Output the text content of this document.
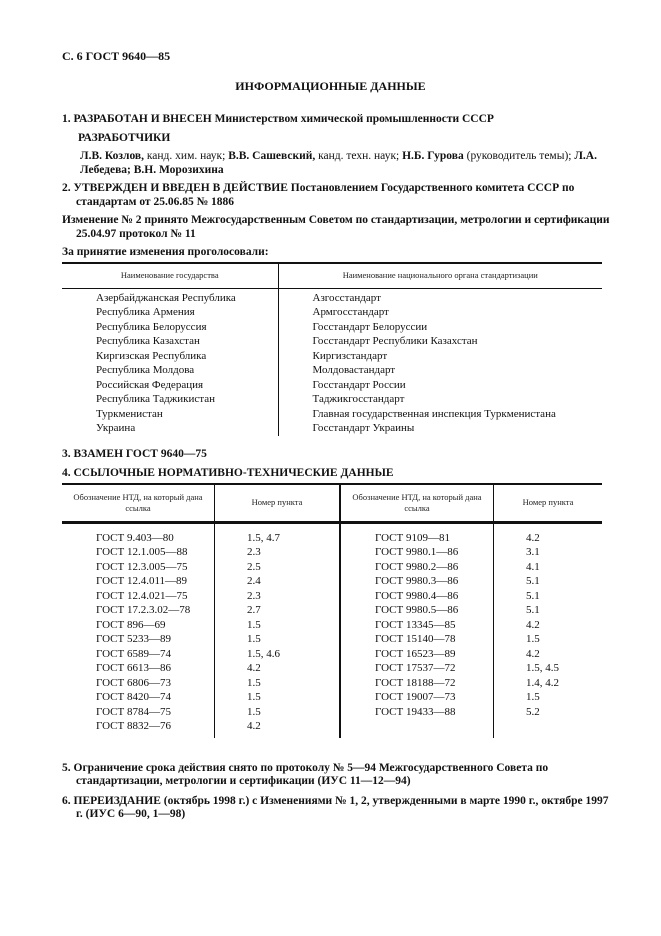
С. 6 ГОСТ 9640—85
ИНФОРМАЦИОННЫЕ ДАННЫЕ
1. РАЗРАБОТАН И ВНЕСЕН Министерством химической промышленности СССР
РАЗРАБОТЧИКИ
Л.В. Козлов, канд. хим. наук; В.В. Сашевский, канд. техн. наук; Н.Б. Гурова (руководитель темы); Л.А. Лебедева; В.Н. Морозихина
2. УТВЕРЖДЕН И ВВЕДЕН В ДЕЙСТВИЕ Постановлением Государственного комитета СССР по стандартам от 25.06.85 № 1886
Изменение № 2 принято Межгосударственным Советом по стандартизации, метрологии и сертификации 25.04.97 протокол № 11
За принятие изменения проголосовали:
Наименование государства	Наименование национального органа стандартизации
Азербайджанская Республика	Азгосстандарт
Республика Армения	Армгосстандарт
Республика Белоруссия	Госстандарт Белоруссии
Республика Казахстан	Госстандарт Республики Казахстан
Киргизская Республика	Киргизстандарт
Республика Молдова	Молдовастандарт
Российская Федерация	Госстандарт России
Республика Таджикистан	Таджикгосстандарт
Туркменистан	Главная государственная инспекция Туркменистана
Украина	Госстандарт Украины
3. ВЗАМЕН ГОСТ 9640—75
4. ССЫЛОЧНЫЕ НОРМАТИВНО-ТЕХНИЧЕСКИЕ ДАННЫЕ
Обозначение НТД, на который дана ссылка	Номер пункта	Обозначение НТД, на который дана ссылка	Номер пункта
ГОСТ 9.403—80	1.5, 4.7	ГОСТ 9109—81	4.2
ГОСТ 12.1.005—88	2.3	ГОСТ 9980.1—86	3.1
ГОСТ 12.3.005—75	2.5	ГОСТ 9980.2—86	4.1
ГОСТ 12.4.011—89	2.4	ГОСТ 9980.3—86	5.1
ГОСТ 12.4.021—75	2.3	ГОСТ 9980.4—86	5.1
ГОСТ 17.2.3.02—78	2.7	ГОСТ 9980.5—86	5.1
ГОСТ 896—69	1.5	ГОСТ 13345—85	4.2
ГОСТ 5233—89	1.5	ГОСТ 15140—78	1.5
ГОСТ 6589—74	1.5, 4.6	ГОСТ 16523—89	4.2
ГОСТ 6613—86	4.2	ГОСТ 17537—72	1.5, 4.5
ГОСТ 6806—73	1.5	ГОСТ 18188—72	1.4, 4.2
ГОСТ 8420—74	1.5	ГОСТ 19007—73	1.5
ГОСТ 8784—75	1.5	ГОСТ 19433—88	5.2
ГОСТ 8832—76	4.2		
5. Ограничение срока действия снято по протоколу № 5—94 Межгосударственного Совета по стандартизации, метрологии и сертификации (ИУС 11—12—94)
6. ПЕРЕИЗДАНИЕ (октябрь 1998 г.) с Изменениями № 1, 2, утвержденными в марте 1990 г., октябре 1997 г. (ИУС 6—90, 1—98)
